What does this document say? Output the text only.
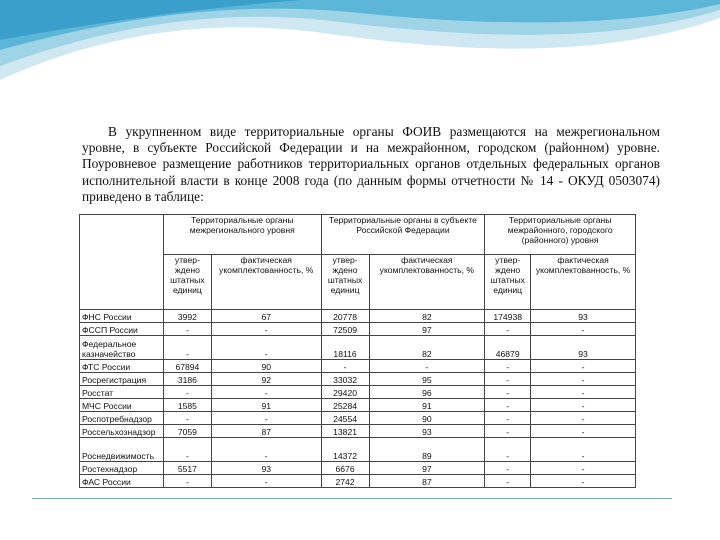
В укрупненном виде территориальные органы ФОИВ размещаются на межрегиональном уровне, в субъекте Российской Федерации и на межрайонном, городском (районном) уровне. Поуровневое размещение работников территориальных органов отдельных федеральных органов исполнительной власти в конце 2008 года (по данным формы отчетности № 14 - ОКУД 0503074) приведено в таблице:

	Территориальные органы межрегионального уровня		Территориальные органы в субъекте Российской Федерации		Территориальные органы межрайонного, городского (районного) уровня	
	утвер-ждено штатных единиц	фактическая укомплектованность, %	утвер-ждено штатных единиц	фактическая укомплектованность, %	утвер-ждено штатных единиц	фактическая укомплектованность, %
ФНС России	3992	67	20778	82	174938	93
ФССП России	-	-	72509	97	-	-
Федеральное казначейство	-	-	18116	82	46879	93
ФТС России	67894	90	-	-	-	-
Росрегистрация	3186	92	33032	95	-	-
Росстат	-	-	29420	96	-	-
МЧС России	1585	91	25284	91	-	-
Роспотребнадзор	-	-	24554	90	-	-
Россельхознадзор	7059	87	13821	93	-	-
Роснедвижимость	-	-	14372	89	-	-
Ростехнадзор	5517	93	6676	97	-	-
ФАС России	-	-	2742	87	-	-
